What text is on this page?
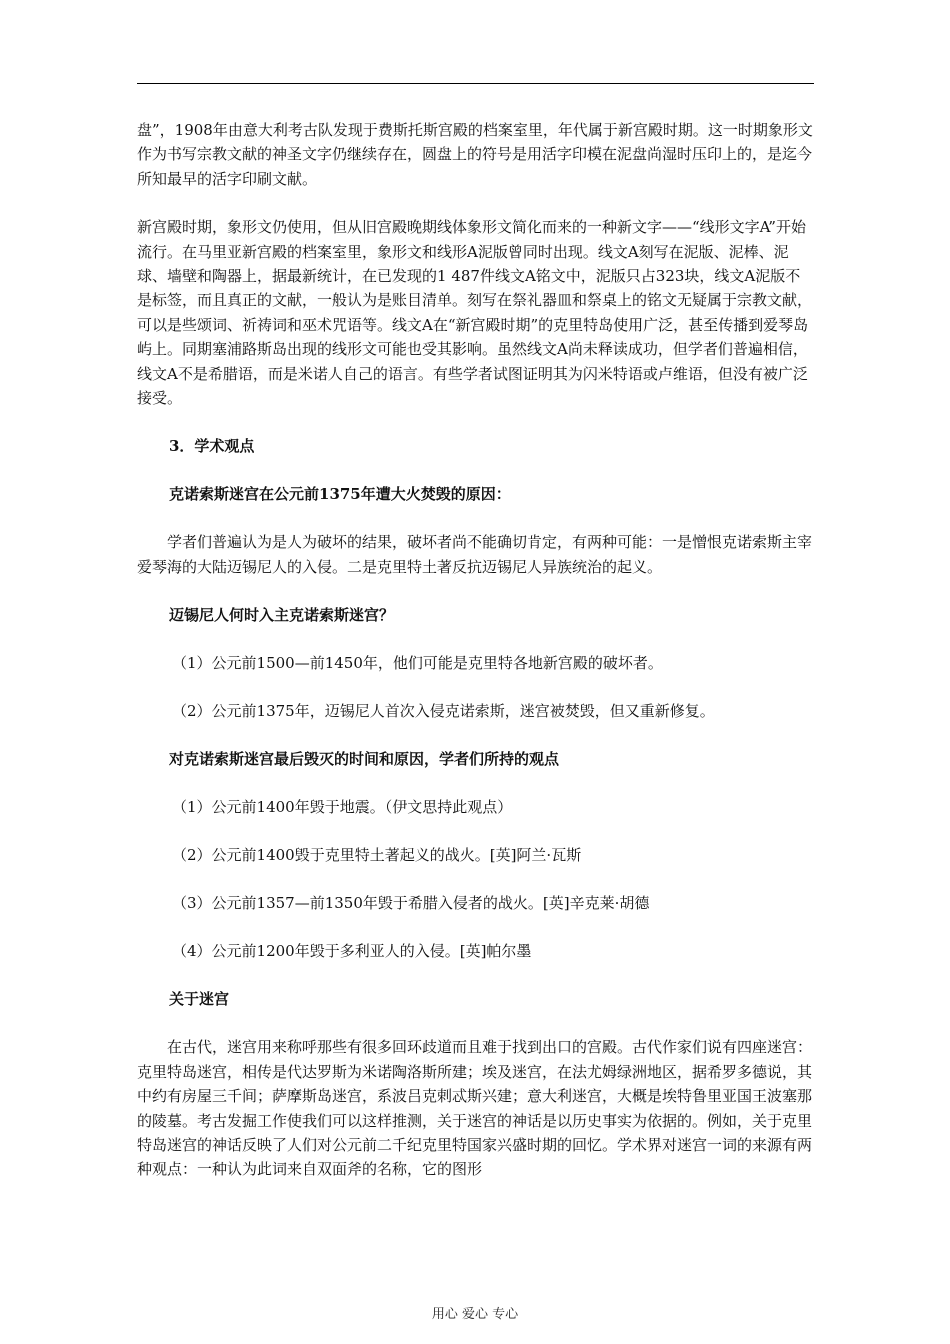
盘”，1908年由意大利考古队发现于费斯托斯宫殿的档案室里，年代属于新宫殿时期。这一时期象形文作为书写宗教文献的神圣文字仍继续存在，圆盘上的符号是用活字印模在泥盘尚湿时压印上的，是迄今所知最早的活字印刷文献。

新宫殿时期，象形文仍使用，但从旧宫殿晚期线体象形文简化而来的一种新文字——“线形文字A”开始流行。在马里亚新宫殿的档案室里，象形文和线形A泥版曾同时出现。线文A刻写在泥版、泥棒、泥球、墙壁和陶器上，据最新统计，在已发现的1 487件线文A铭文中，泥版只占323块，线文A泥版不是标签，而且真正的文献，一般认为是账目清单。刻写在祭礼器皿和祭桌上的铭文无疑属于宗教文献，可以是些颂词、祈祷词和巫术咒语等。线文A在“新宫殿时期”的克里特岛使用广泛，甚至传播到爱琴岛屿上。同期塞浦路斯岛出现的线形文可能也受其影响。虽然线文A尚未释读成功，但学者们普遍相信，线文A不是希腊语，而是米诺人自己的语言。有些学者试图证明其为闪米特语或卢维语，但没有被广泛接受。

3．学术观点

克诺索斯迷宫在公元前1375年遭大火焚毁的原因：

学者们普遍认为是人为破坏的结果，破坏者尚不能确切肯定，有两种可能：一是憎恨克诺索斯主宰爱琴海的大陆迈锡尼人的入侵。二是克里特土著反抗迈锡尼人异族统治的起义。

迈锡尼人何时入主克诺索斯迷宫？

（1）公元前1500—前1450年，他们可能是克里特各地新宫殿的破坏者。

（2）公元前1375年，迈锡尼人首次入侵克诺索斯，迷宫被焚毁，但又重新修复。

对克诺索斯迷宫最后毁灭的时间和原因，学者们所持的观点

（1）公元前1400年毁于地震。（伊文思持此观点）

（2）公元前1400毁于克里特土著起义的战火。[英]阿兰·瓦斯

（3）公元前1357—前1350年毁于希腊入侵者的战火。[英]辛克莱·胡德

（4）公元前1200年毁于多利亚人的入侵。[英]帕尔墨

关于迷宫

在古代，迷宫用来称呼那些有很多回环歧道而且难于找到出口的宫殿。古代作家们说有四座迷宫：克里特岛迷宫，相传是代达罗斯为米诺陶洛斯所建；埃及迷宫，在法尤姆绿洲地区，据希罗多德说，其中约有房屋三千间；萨摩斯岛迷宫，系波吕克剌忒斯兴建；意大利迷宫，大概是埃特鲁里亚国王波塞那的陵墓。考古发掘工作使我们可以这样推测，关于迷宫的神话是以历史事实为依据的。例如，关于克里特岛迷宫的神话反映了人们对公元前二千纪克里特国家兴盛时期的回忆。学术界对迷宫一词的来源有两种观点：一种认为此词来自双面斧的名称，它的图形

用心 爱心 专心
